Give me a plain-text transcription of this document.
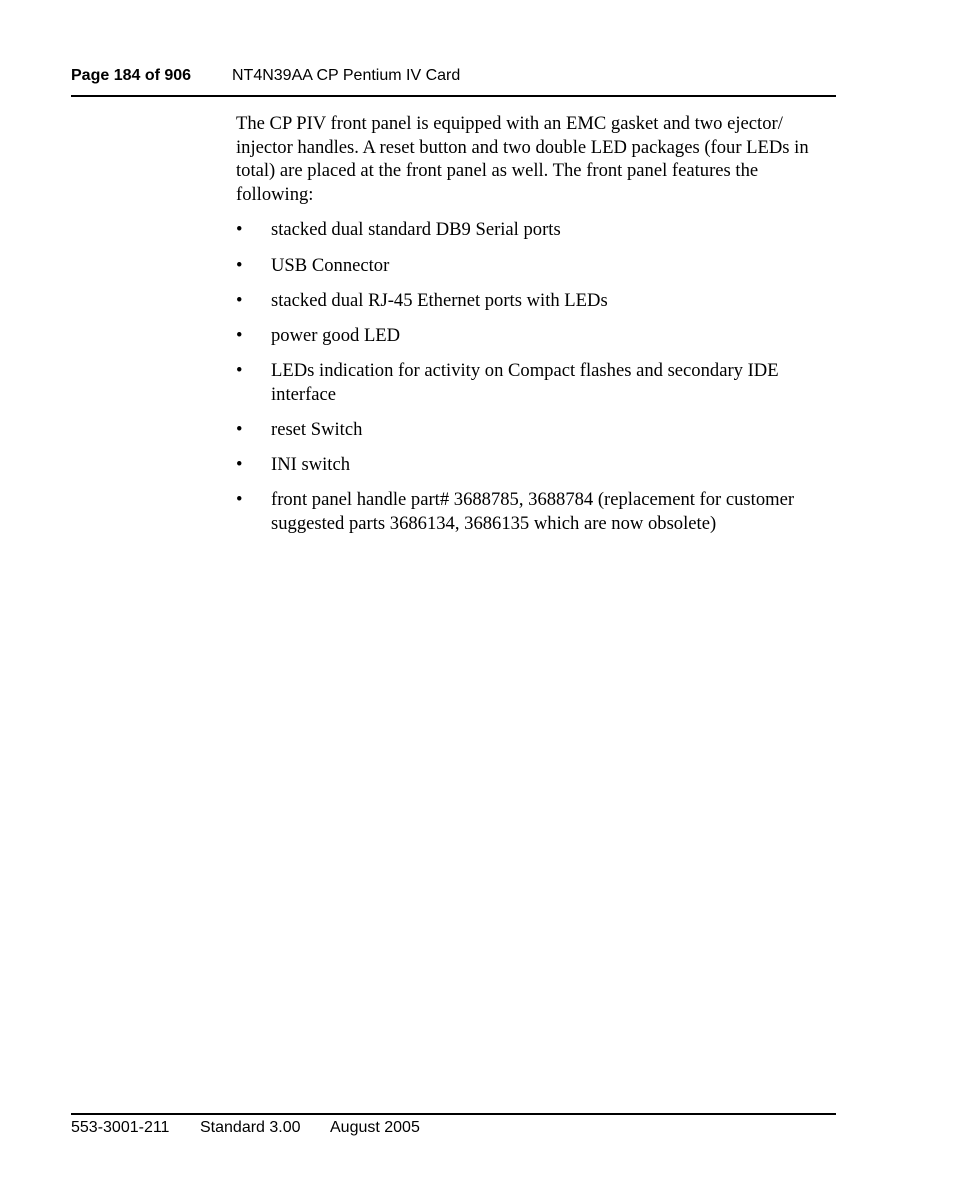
Page 184 of 906	NT4N39AA CP Pentium IV Card

The CP PIV front panel is equipped with an EMC gasket and two ejector/ injector handles. A reset button and two double LED packages (four LEDs in total) are placed at the front panel as well. The front panel features the following:

• stacked dual standard DB9 Serial ports
• USB Connector
• stacked dual RJ-45 Ethernet ports with LEDs
• power good LED
• LEDs indication for activity on Compact flashes and secondary IDE interface
• reset Switch
• INI switch
• front panel handle part# 3688785, 3688784 (replacement for customer suggested parts 3686134, 3686135 which are now obsolete)
553-3001-211 Standard 3.00 August 2005
